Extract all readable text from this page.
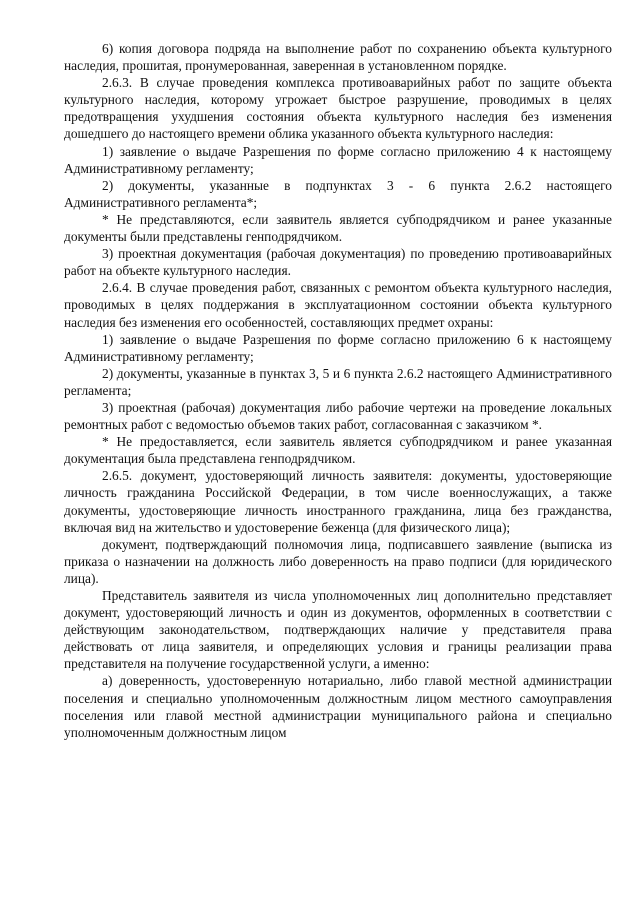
6) копия договора подряда на выполнение работ по сохранению объекта культурного наследия, прошитая, пронумерованная, заверенная в установленном порядке.

2.6.3. В случае проведения комплекса противоаварийных работ по защите объекта культурного наследия, которому угрожает быстрое разрушение, проводимых в целях предотвращения ухудшения состояния объекта культурного наследия без изменения дошедшего до настоящего времени облика указанного объекта культурного наследия:

1) заявление о выдаче Разрешения по форме согласно приложению 4 к настоящему Административному регламенту;

2) документы, указанные в подпунктах 3 - 6 пункта 2.6.2 настоящего Административного регламента*;

* Не представляются, если заявитель является субподрядчиком и ранее указанные документы были представлены генподрядчиком.

3) проектная документация (рабочая документация) по проведению противоаварийных работ на объекте культурного наследия.

2.6.4. В случае проведения работ, связанных с ремонтом объекта культурного наследия, проводимых в целях поддержания в эксплуатационном состоянии объекта культурного наследия без изменения его особенностей, составляющих предмет охраны:

1) заявление о выдаче Разрешения по форме согласно приложению 6 к настоящему Административному регламенту;

2) документы, указанные в пунктах 3, 5 и 6 пункта 2.6.2 настоящего Административного регламента;

3) проектная (рабочая) документация либо рабочие чертежи на проведение локальных ремонтных работ с ведомостью объемов таких работ, согласованная с заказчиком *.

* Не предоставляется, если заявитель является субподрядчиком и ранее указанная документация была представлена генподрядчиком.

2.6.5. документ, удостоверяющий личность заявителя: документы, удостоверяющие личность гражданина Российской Федерации, в том числе военнослужащих, а также документы, удостоверяющие личность иностранного гражданина, лица без гражданства, включая вид на жительство и удостоверение беженца (для физического лица);

документ, подтверждающий полномочия лица, подписавшего заявление (выписка из приказа о назначении на должность либо доверенность на право подписи (для юридического лица).

Представитель заявителя из числа уполномоченных лиц дополнительно представляет документ, удостоверяющий личность и один из документов, оформленных в соответствии с действующим законодательством, подтверждающих наличие у представителя права действовать от лица заявителя, и определяющих условия и границы реализации права представителя на получение государственной услуги, а именно:

а) доверенность, удостоверенную нотариально, либо главой местной администрации поселения и специально уполномоченным должностным лицом местного самоуправления поселения или главой местной администрации муниципального района и специально уполномоченным должностным лицом
